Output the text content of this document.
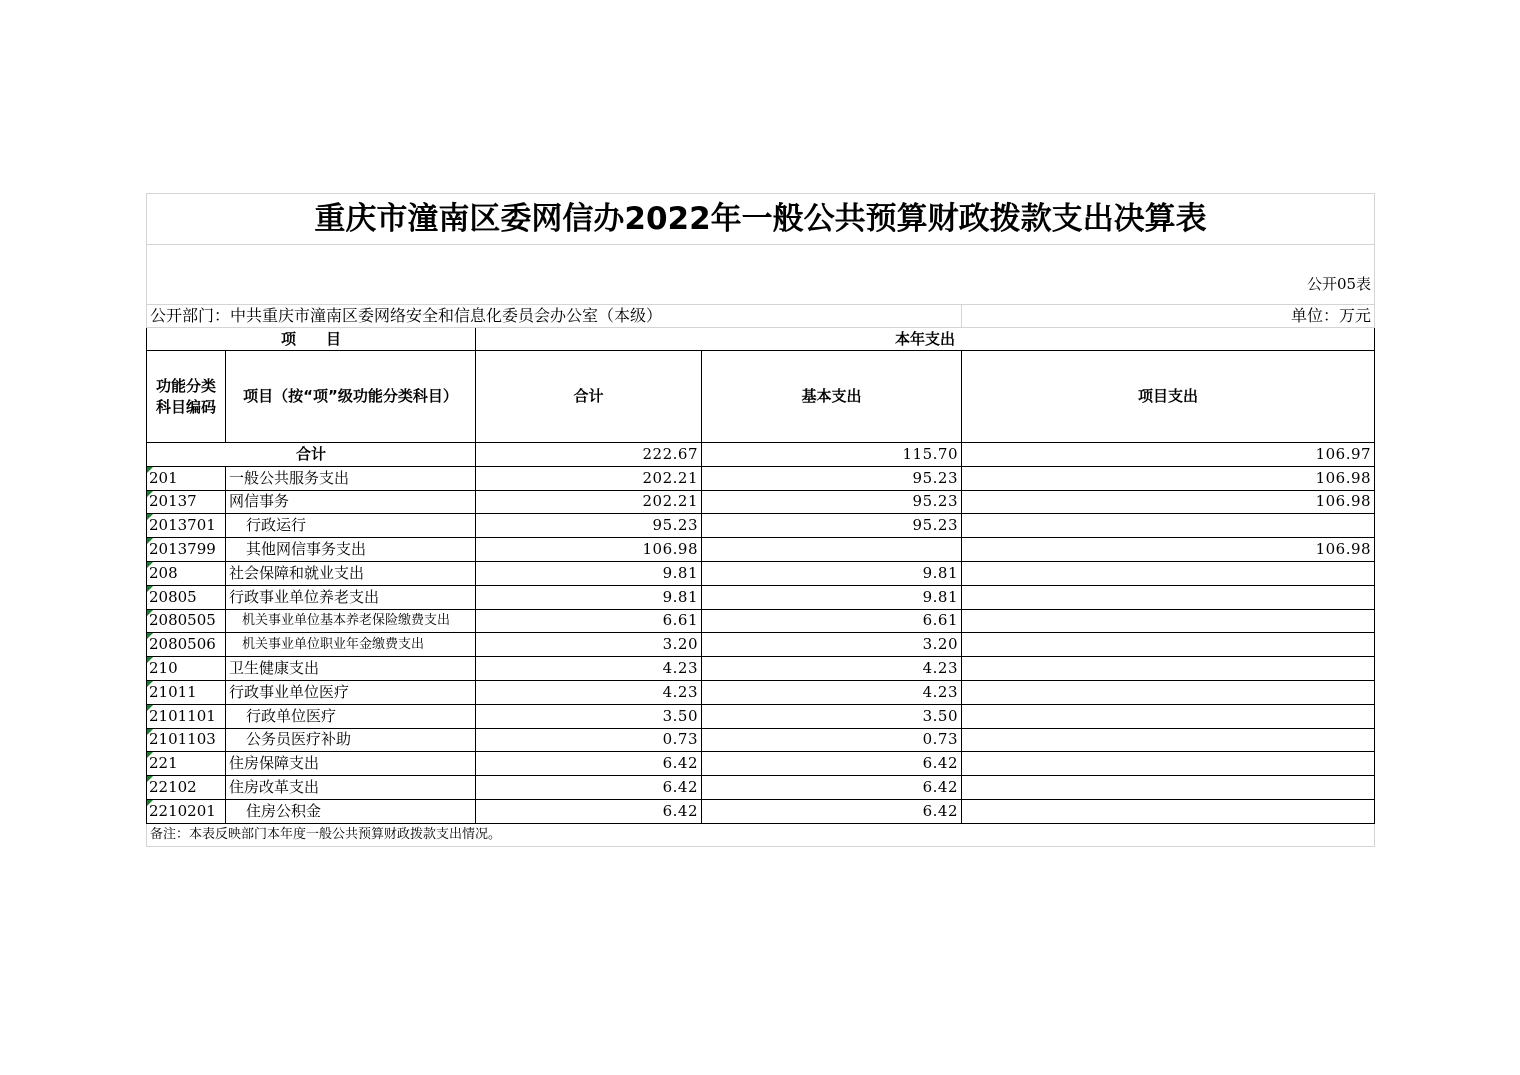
重庆市潼南区委网信办2022年一般公共预算财政拨款支出决算表				
公开05表				
公开部门：中共重庆市潼南区委网络安全和信息化委员会办公室（本级）				单位：万元
项　　目		本年支出		
功能分类科目编码	项目（按“项”级功能分类科目）	合计	基本支出	项目支出
合计		222.67	115.70	106.97

201	一般公共服务支出	202.21	95.23	106.98

20137	网信事务	202.21	95.23	106.98

2013701	行政运行	95.23	95.23	

2013799	其他网信事务支出	106.98		106.98

208	社会保障和就业支出	9.81	9.81	

20805	行政事业单位养老支出	9.81	9.81	

2080505	机关事业单位基本养老保险缴费支出	6.61	6.61	

2080506	机关事业单位职业年金缴费支出	3.20	3.20	

210	卫生健康支出	4.23	4.23	

21011	行政事业单位医疗	4.23	4.23	

2101101	行政单位医疗	3.50	3.50	

2101103	公务员医疗补助	0.73	0.73	

221	住房保障支出	6.42	6.42	

22102	住房改革支出	6.42	6.42	

2210201	住房公积金	6.42	6.42	
备注：本表反映部门本年度一般公共预算财政拨款支出情况。				
